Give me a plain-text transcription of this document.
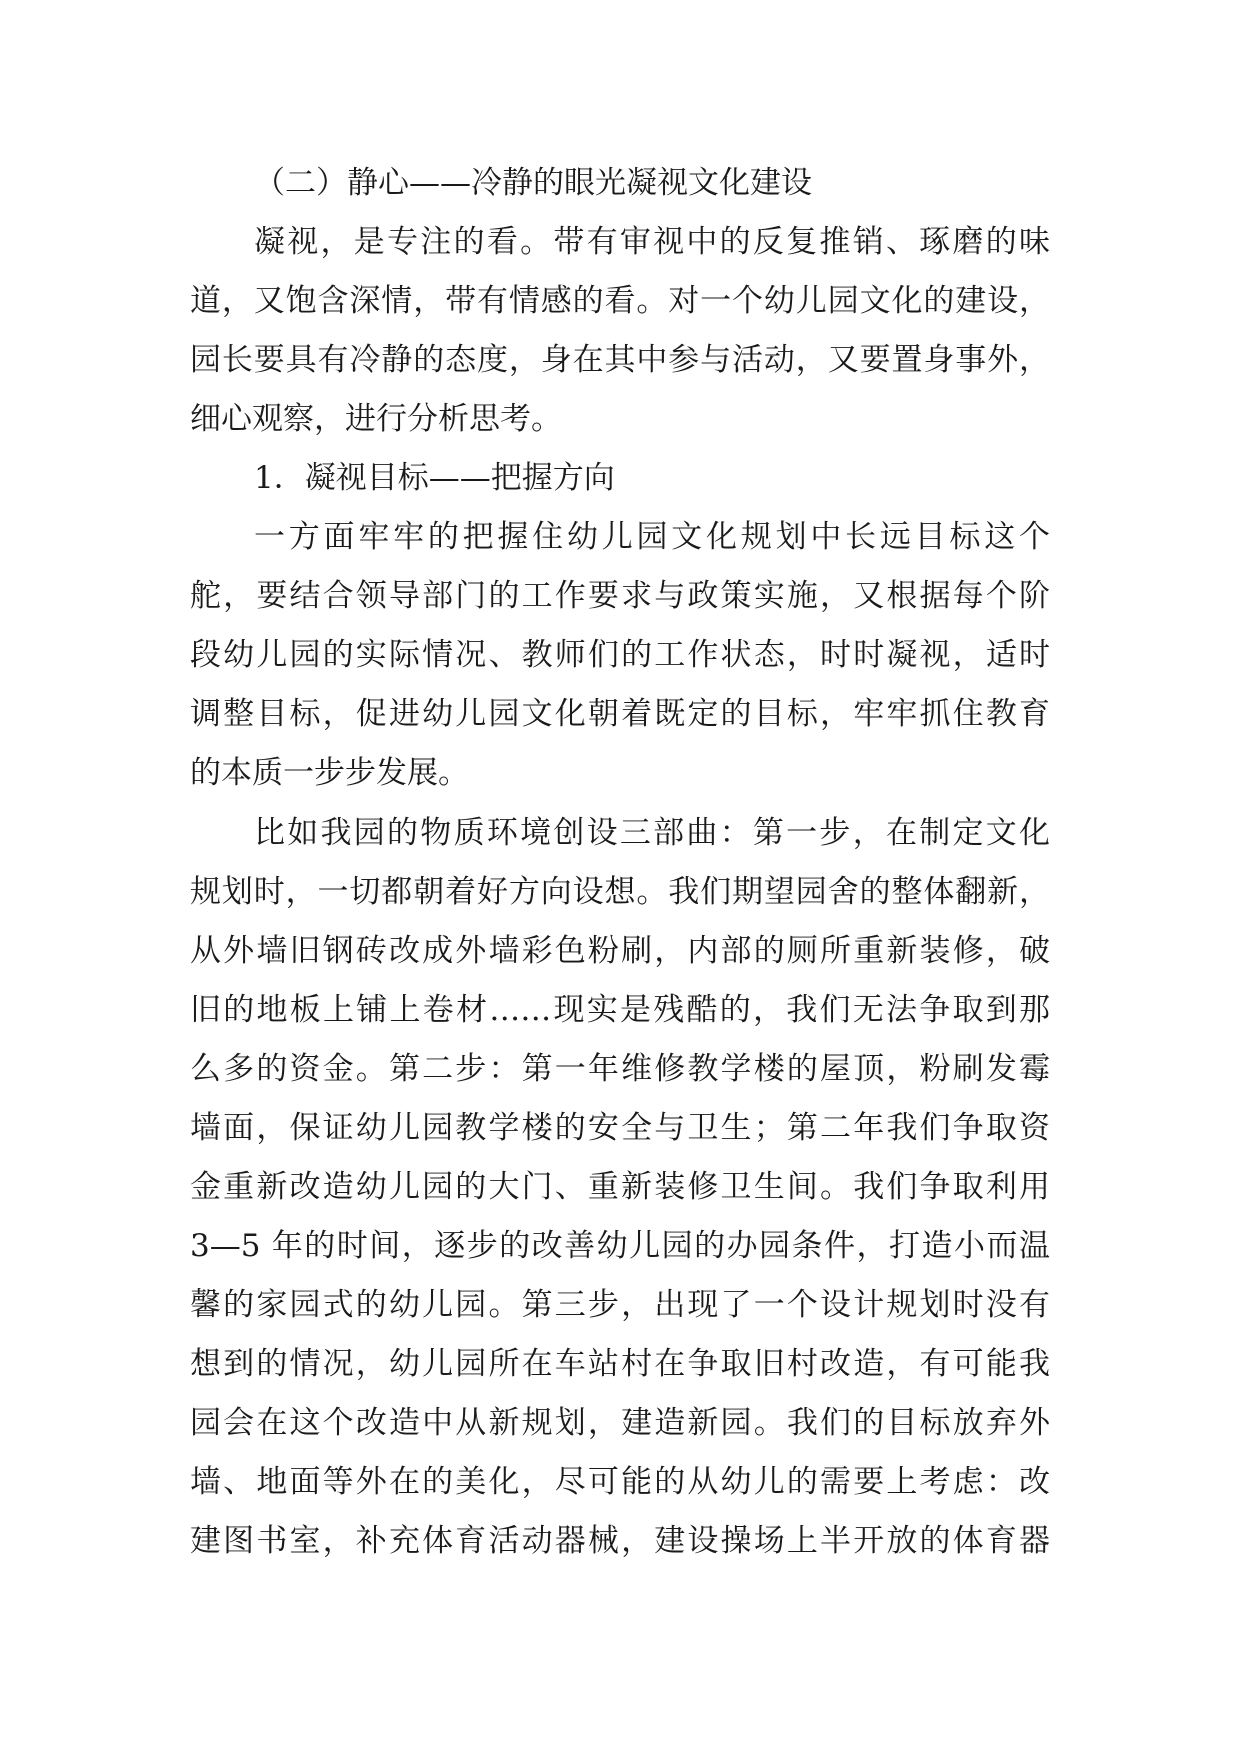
（二）静心——冷静的眼光凝视文化建设
凝视，是专注的看。带有审视中的反复推销、琢磨的味
道，又饱含深情，带有情感的看。对一个幼儿园文化的建设，
园长要具有冷静的态度，身在其中参与活动，又要置身事外，
细心观察，进行分析思考。
1．凝视目标——把握方向
一方面牢牢的把握住幼儿园文化规划中长远目标这个
舵，要结合领导部门的工作要求与政策实施，又根据每个阶
段幼儿园的实际情况、教师们的工作状态，时时凝视，适时
调整目标，促进幼儿园文化朝着既定的目标，牢牢抓住教育
的本质一步步发展。
比如我园的物质环境创设三部曲：第一步，在制定文化
规划时，一切都朝着好方向设想。我们期望园舍的整体翻新，
从外墙旧钢砖改成外墙彩色粉刷，内部的厕所重新装修，破
旧的地板上铺上卷材……现实是残酷的，我们无法争取到那
么多的资金。第二步：第一年维修教学楼的屋顶，粉刷发霉
墙面，保证幼儿园教学楼的安全与卫生；第二年我们争取资
金重新改造幼儿园的大门、重新装修卫生间。我们争取利用
3—5 年的时间，逐步的改善幼儿园的办园条件，打造小而温
馨的家园式的幼儿园。第三步，出现了一个设计规划时没有
想到的情况，幼儿园所在车站村在争取旧村改造，有可能我
园会在这个改造中从新规划，建造新园。我们的目标放弃外
墙、地面等外在的美化，尽可能的从幼儿的需要上考虑：改
建图书室，补充体育活动器械，建设操场上半开放的体育器
